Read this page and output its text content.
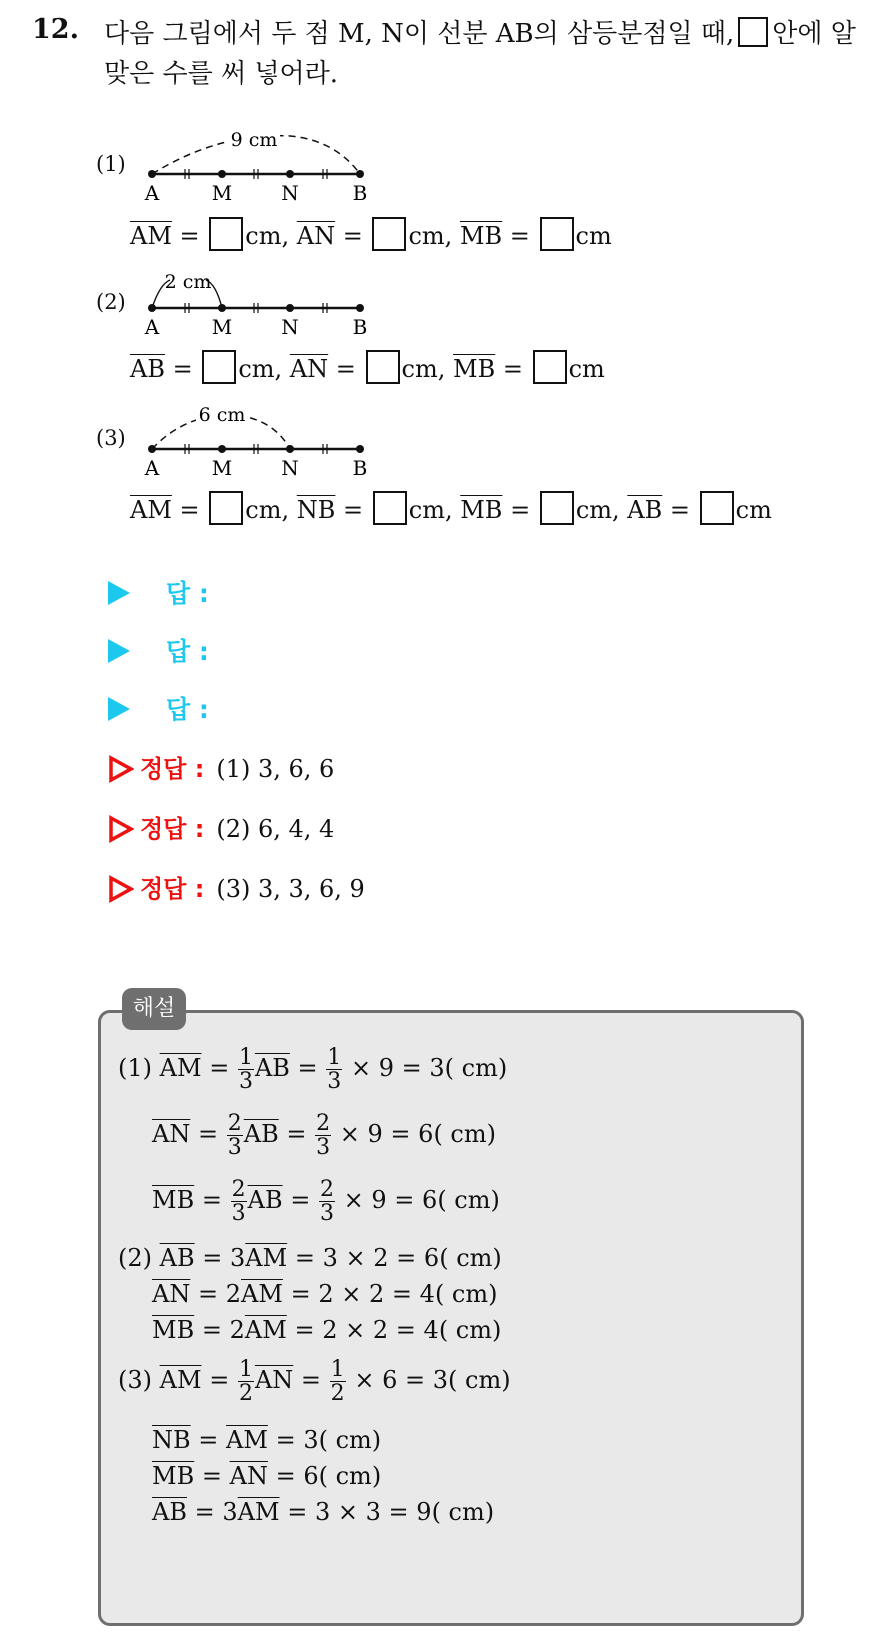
12. 다음 그림에서 두 점 M, N이 선분 AB의 삼등분점일 때, 안에 알맞은 수를 써 넣어라.
(1)
9 cm
A	M N	B
$\overline{AM}$ = cm, $\overline{AN}$ = cm, $\overline{MB}$ = cm
(2)
2 cm
A	M N	B
$\overline{AB}$ = cm, $\overline{AN}$ = cm, $\overline{MB}$ = cm
(3)
6 cm
A	M N	B
$\overline{AM}$ = cm, $\overline{NB}$ = cm, $\overline{MB}$ = cm, $\overline{AB}$ = cm
답 :
답 :
답 :
정답 : (1) 3, 6, 6
정답 : (2) 6, 4, 4
정답 : (3) 3, 3, 6, 9
해설
(1) $\overline{AM} = \frac{1}{3} \overline{AB} = \frac{1}{3} \times 9 = 3$( cm)
$\overline{AN} = \frac{2}{3} \overline{AB} = \frac{2}{3} \times 9 = 6$( cm)
$\overline{MB} = \frac{2}{3} \overline{AB} = \frac{2}{3} \times 9 = 6$( cm)
(2) $\overline{AB} = 3\overline{AM} = 3 \times 2 = 6$( cm)
$\overline{AN} = 2\overline{AM} = 2 \times 2 = 4$( cm)
$\overline{MB} = 2\overline{AM} = 2 \times 2 = 4$( cm)
(3) $\overline{AM} = \frac{1}{2} \overline{AN} = \frac{1}{2} \times 6 = 3$( cm)
$\overline{NB} = \overline{AM} = 3$( cm)
$\overline{MB} = \overline{AN} = 6$( cm)
$\overline{AB} = 3\overline{AM} = 3 \times 3 = 9$( cm)
